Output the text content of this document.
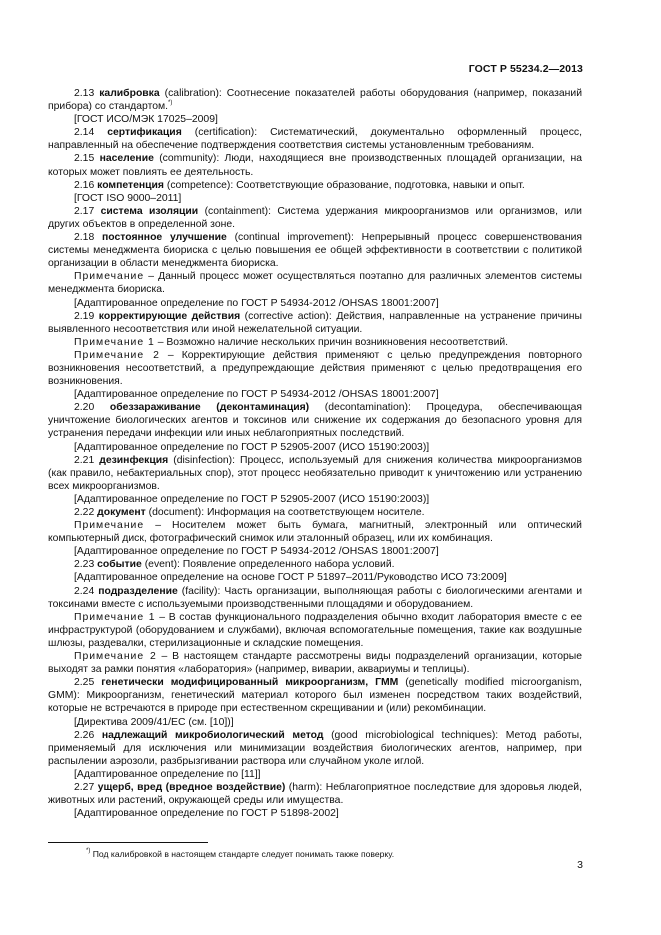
ГОСТ Р 55234.2—2013

2.13 калибровка (calibration): Соотнесение показателей работы оборудования (например, показаний прибора) со стандартом.*)

[ГОСТ ИСО/МЭК 17025–2009]

2.14 сертификация (certification): Систематический, документально оформленный процесс, направленный на обеспечение подтверждения соответствия системы установленным требованиям.

2.15 население (community): Люди, находящиеся вне производственных площадей организации, на которых может повлиять ее деятельность.

2.16 компетенция (competence): Соответствующие образование, подготовка, навыки и опыт.

[ГОСТ ISO 9000–2011]

2.17 система изоляции (containment): Система удержания микроорганизмов или организмов, или других объектов в определенной зоне.

2.18 постоянное улучшение (continual improvement): Непрерывный процесс совершенствования системы менеджмента биориска с целью повышения ее общей эффективности в соответствии с политикой организации в области менеджмента биориска.

Примечание – Данный процесс может осуществляться поэтапно для различных элементов системы менеджмента биориска.

[Адаптированное определение по ГОСТ Р 54934-2012 /OHSAS 18001:2007]

2.19 корректирующие действия (corrective action): Действия, направленные на устранение причины выявленного несоответствия или иной нежелательной ситуации.

Примечание 1 – Возможно наличие нескольких причин возникновения несоответствий.

Примечание 2 – Корректирующие действия применяют с целью предупреждения повторного возникновения несоответствий, а предупреждающие действия применяют с целью предотвращения его возникновения.

[Адаптированное определение по ГОСТ Р 54934-2012 /OHSAS 18001:2007]

2.20 обеззараживание (деконтаминация) (decontamination): Процедура, обеспечивающая уничтожение биологических агентов и токсинов или снижение их содержания до безопасного уровня для устранения передачи инфекции или иных неблагоприятных последствий.

[Адаптированное определение по ГОСТ Р 52905-2007 (ИСО 15190:2003)]

2.21 дезинфекция (disinfection): Процесс, используемый для снижения количества микроорганизмов (как правило, небактериальных спор), этот процесс необязательно приводит к уничтожению или устранению всех микроорганизмов.

[Адаптированное определение по ГОСТ Р 52905-2007 (ИСО 15190:2003)]

2.22 документ (document): Информация на соответствующем носителе.

Примечание – Носителем может быть бумага, магнитный, электронный или оптический компьютерный диск, фотографический снимок или эталонный образец, или их комбинация.

[Адаптированное определение по ГОСТ Р 54934-2012 /OHSAS 18001:2007]

2.23 событие (event): Появление определенного набора условий.

[Адаптированное определение на основе ГОСТ Р 51897–2011/Руководство ИСО 73:2009]

2.24 подразделение (facility): Часть организации, выполняющая работы с биологическими агентами и токсинами вместе с используемыми производственными площадями и оборудованием.

Примечание 1 – В состав функционального подразделения обычно входит лаборатория вместе с ее инфраструктурой (оборудованием и службами), включая вспомогательные помещения, такие как воздушные шлюзы, раздевалки, стерилизационные и складские помещения.

Примечание 2 – В настоящем стандарте рассмотрены виды подразделений организации, которые выходят за рамки понятия «лаборатория» (например, виварии, аквариумы и теплицы).

2.25 генетически модифицированный микроорганизм, ГММ (genetically modified microorganism, GMM): Микроорганизм, генетический материал которого был изменен посредством таких воздействий, которые не встречаются в природе при естественном скрещивании и (или) рекомбинации.

[Директива 2009/41/ЕС (см. [10])]

2.26 надлежащий микробиологический метод (good microbiological techniques): Метод работы, применяемый для исключения или минимизации воздействия биологических агентов, например, при распылении аэрозоли, разбрызгивании раствора или случайном уколе иглой.

[Адаптированное определение по [11]]

2.27 ущерб, вред (вредное воздействие) (harm): Неблагоприятное последствие для здоровья людей, животных или растений, окружающей среды или имущества.

[Адаптированное определение по ГОСТ Р 51898-2002]

*) Под калибровкой в настоящем стандарте следует понимать также поверку.
3
